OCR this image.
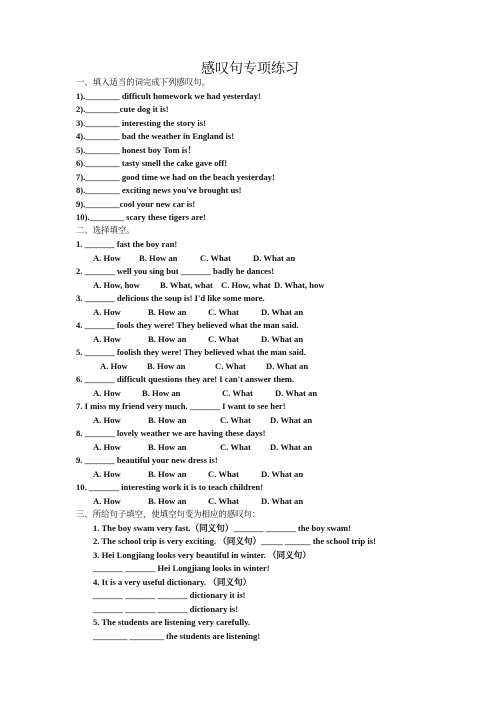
感叹句专项练习
一、填入适当的词完成下列感叹句。
1).________ difficult homework we had yesterday!
2).________cute dog it is!
3).________ interesting the story is!
4).________ bad the weather in England is!
5).________ honest boy Tom is！
6).________ tasty smell the cake gave off!
7).________ good time we had on the beach yesterday!
8).________ exciting news you've brought us!
9).________cool your new car is!
10).________ scary these tigers are!
二、选择填空。
1. _______ fast the boy ran!
A. How B. How an	C. What	D. What an
2. _______ well you sing but _______ badly he dances!
A. How, how B. What, what C. How, what D. What, how
3. _______ delicious the soup is! I'd like some more.
A. How	B. How an	C. What	D. What an
4. _______ fools they were! They believed what the man said.
A. How	B. How an	C. What	D. What an
5. _______ foolish they were! They believed what the man said.
A. How B. How an	C. What D. What an
6. _______ difficult questions they are! I can't answer them.
A. How B. How an	C. What	D. What an
7. I miss my friend very much. _______ I want to see her!
A. How	B. How an	C. What D. What an
8. _______ lovely weather we are having these days!
A. How	B. How an	C. What D. What an
9. _______ beautiful your new dress is!
A. How	B. How an	C. What	D. What an
10. _______ interesting work it is to teach children!
A. How	B. How an	C. What	D. What an
三、所给句子填空，使填空句变为相应的感叹句：
1. The boy swam very fast.（同义句）_______ _______ the boy swam!
2. The school trip is very exciting. （同义句）_____ ______ the school trip is!
3. Hei Longjiang looks very beautiful in winter. （同义句）
_______ _______ Hei Longjiang looks in winter!
4. It is a very useful dictionary. （同义句）
_______ _______ _______ dictionary it is!
_______ _______ _______ dictionary is!
5. The students are listening very carefully.
________ ________ the students are listening!
